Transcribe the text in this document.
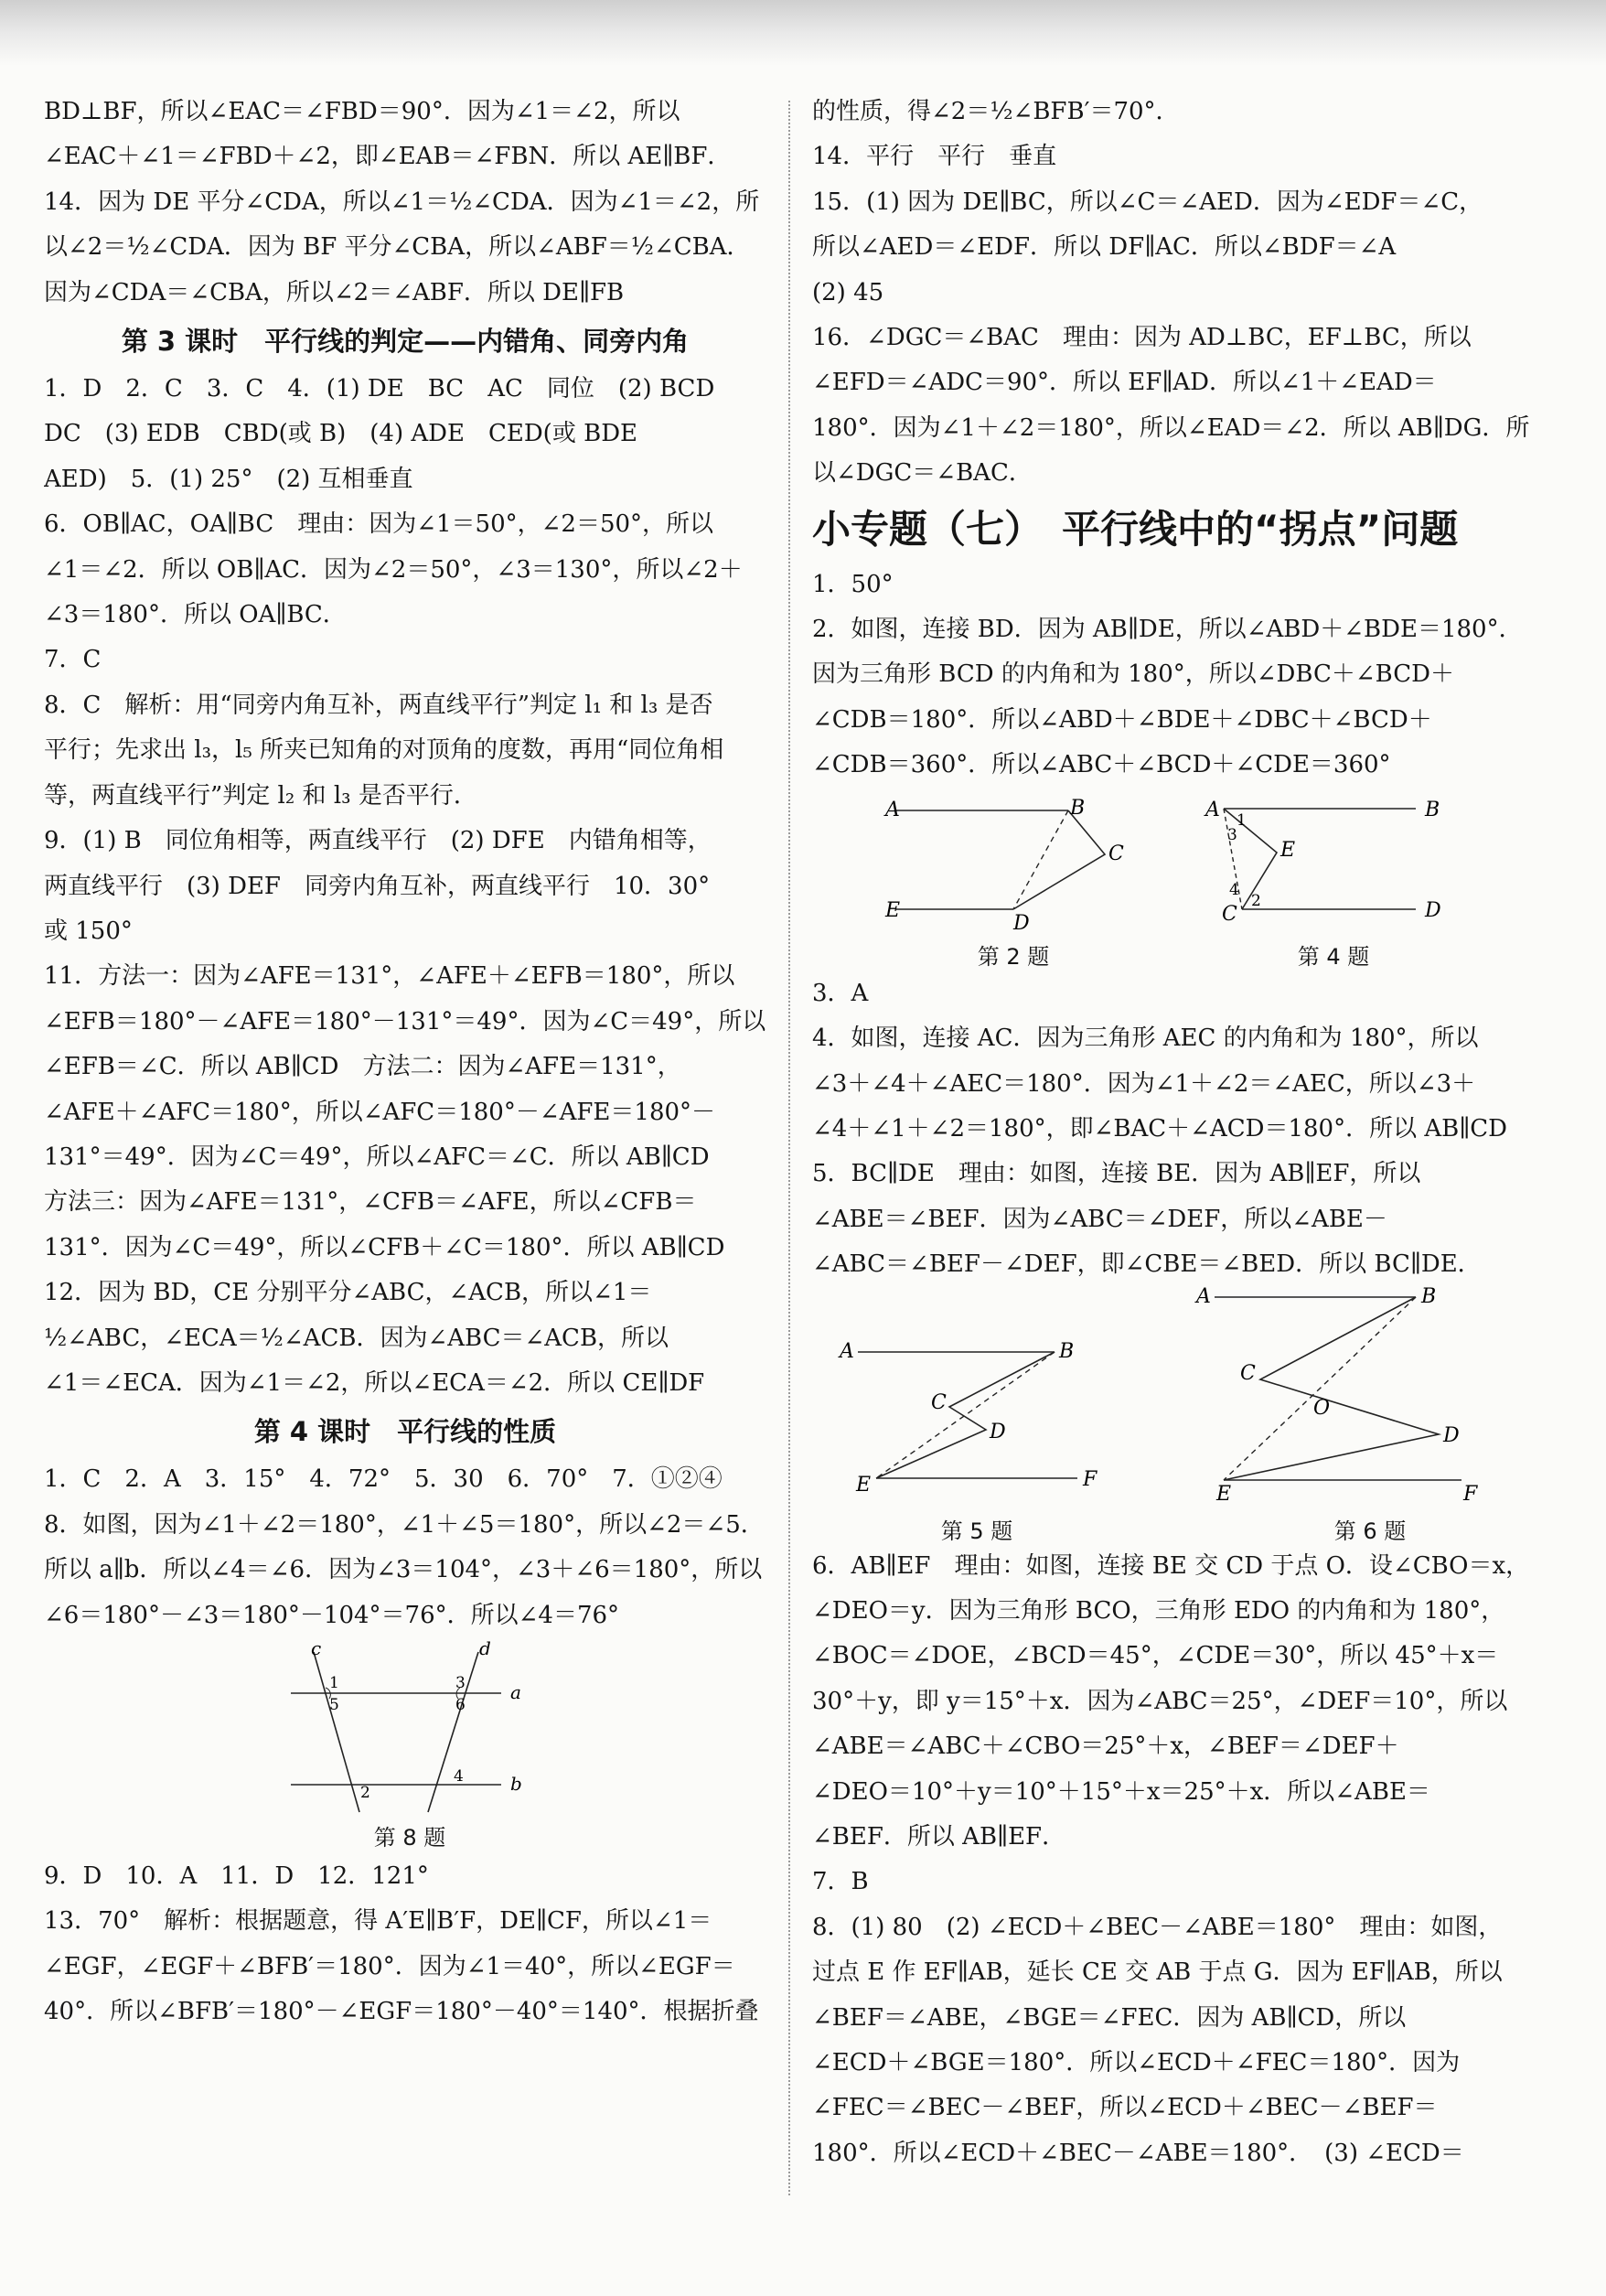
BD⊥BF，所以∠EAC＝∠FBD＝90°．因为∠1＝∠2，所以
∠EAC＋∠1＝∠FBD＋∠2，即∠EAB＝∠FBN．所以 AE∥BF．
14．因为 DE 平分∠CDA，所以∠1＝½∠CDA．因为∠1＝∠2，所
以∠2＝½∠CDA．因为 BF 平分∠CBA，所以∠ABF＝½∠CBA．
因为∠CDA＝∠CBA，所以∠2＝∠ABF．所以 DE∥FB
第 3 课时　平行线的判定——内错角、同旁内角
1．D　2．C　3．C　4．(1) DE　BC　AC　同位　(2) BCD
DC　(3) EDB　CBD(或 B)　(4) ADE　CED(或 BDE
AED)　5．(1) 25°　(2) 互相垂直
6．OB∥AC，OA∥BC　理由：因为∠1＝50°，∠2＝50°，所以
∠1＝∠2．所以 OB∥AC．因为∠2＝50°，∠3＝130°，所以∠2＋
∠3＝180°．所以 OA∥BC．
7．C
8．C　解析：用“同旁内角互补，两直线平行”判定 l₁ 和 l₃ 是否
平行；先求出 l₃，l₅ 所夹已知角的对顶角的度数，再用“同位角相
等，两直线平行”判定 l₂ 和 l₃ 是否平行．
9．(1) B　同位角相等，两直线平行　(2) DFE　内错角相等，
两直线平行　(3) DEF　同旁内角互补，两直线平行　10．30°
或 150°
11．方法一：因为∠AFE＝131°，∠AFE＋∠EFB＝180°，所以
∠EFB＝180°－∠AFE＝180°－131°＝49°．因为∠C＝49°，所以
∠EFB＝∠C．所以 AB∥CD　方法二：因为∠AFE＝131°，
∠AFE＋∠AFC＝180°，所以∠AFC＝180°－∠AFE＝180°－
131°＝49°．因为∠C＝49°，所以∠AFC＝∠C．所以 AB∥CD
方法三：因为∠AFE＝131°，∠CFB＝∠AFE，所以∠CFB＝
131°．因为∠C＝49°，所以∠CFB＋∠C＝180°．所以 AB∥CD
12．因为 BD，CE 分别平分∠ABC，∠ACB，所以∠1＝
½∠ABC，∠ECA＝½∠ACB．因为∠ABC＝∠ACB，所以
∠1＝∠ECA．因为∠1＝∠2，所以∠ECA＝∠2．所以 CE∥DF
第 4 课时　平行线的性质
1．C　2．A　3．15°　4．72°　5．30　6．70°　7．①②④
8．如图，因为∠1＋∠2＝180°，∠1＋∠5＝180°，所以∠2＝∠5．
所以 a∥b．所以∠4＝∠6．因为∠3＝104°，∠3＋∠6＝180°，所以
∠6＝180°－∠3＝180°－104°＝76°．所以∠4＝76°
c	d
a
b
1
5
3
6
4
2
第 8 题
9．D　10．A　11．D　12．121°
13．70°　解析：根据题意，得 A′E∥B′F，DE∥CF，所以∠1＝
∠EGF，∠EGF＋∠BFB′＝180°．因为∠1＝40°，所以∠EGF＝
40°．所以∠BFB′＝180°－∠EGF＝180°－40°＝140°．根据折叠
的性质，得∠2＝½∠BFB′＝70°．
14．平行　平行　垂直
15．(1) 因为 DE∥BC，所以∠C＝∠AED．因为∠EDF＝∠C，
所以∠AED＝∠EDF．所以 DF∥AC．所以∠BDF＝∠A
(2) 45
16．∠DGC＝∠BAC　理由：因为 AD⊥BC，EF⊥BC，所以
∠EFD＝∠ADC＝90°．所以 EF∥AD．所以∠1＋∠EAD＝
180°．因为∠1＋∠2＝180°，所以∠EAD＝∠2．所以 AB∥DG．所
以∠DGC＝∠BAC．
小专题（七）　平行线中的“拐点”问题
1．50°
2．如图，连接 BD．因为 AB∥DE，所以∠ABD＋∠BDE＝180°．
因为三角形 BCD 的内角和为 180°，所以∠DBC＋∠BCD＋
∠CDB＝180°．所以∠ABD＋∠BDE＋∠DBC＋∠BCD＋
∠CDB＝360°．所以∠ABC＋∠BCD＋∠CDE＝360°
A	B
C
D
E
第 2 题
A	B
E
C	D
1
3
4
2
第 4 题
3．A
4．如图，连接 AC．因为三角形 AEC 的内角和为 180°，所以
∠3＋∠4＋∠AEC＝180°．因为∠1＋∠2＝∠AEC，所以∠3＋
∠4＋∠1＋∠2＝180°，即∠BAC＋∠ACD＝180°．所以 AB∥CD
5．BC∥DE　理由：如图，连接 BE．因为 AB∥EF，所以
∠ABE＝∠BEF．因为∠ABC＝∠DEF，所以∠ABE－
∠ABC＝∠BEF－∠DEF，即∠CBE＝∠BED．所以 BC∥DE．
A	B
C
D
E	F
第 5 题
A	B
C
D
E	F
O
第 6 题
6．AB∥EF　理由：如图，连接 BE 交 CD 于点 O．设∠CBO＝x，
∠DEO＝y．因为三角形 BCO，三角形 EDO 的内角和为 180°，
∠BOC＝∠DOE，∠BCD＝45°，∠CDE＝30°，所以 45°＋x＝
30°＋y，即 y＝15°＋x．因为∠ABC＝25°，∠DEF＝10°，所以
∠ABE＝∠ABC＋∠CBO＝25°＋x，∠BEF＝∠DEF＋
∠DEO＝10°＋y＝10°＋15°＋x＝25°＋x．所以∠ABE＝
∠BEF．所以 AB∥EF．
7．B
8．(1) 80　(2) ∠ECD＋∠BEC－∠ABE＝180°　理由：如图，
过点 E 作 EF∥AB，延长 CE 交 AB 于点 G．因为 EF∥AB，所以
∠BEF＝∠ABE，∠BGE＝∠FEC．因为 AB∥CD，所以
∠ECD＋∠BGE＝180°．所以∠ECD＋∠FEC＝180°．因为
∠FEC＝∠BEC－∠BEF，所以∠ECD＋∠BEC－∠BEF＝
180°．所以∠ECD＋∠BEC－∠ABE＝180°．　(3) ∠ECD＝
